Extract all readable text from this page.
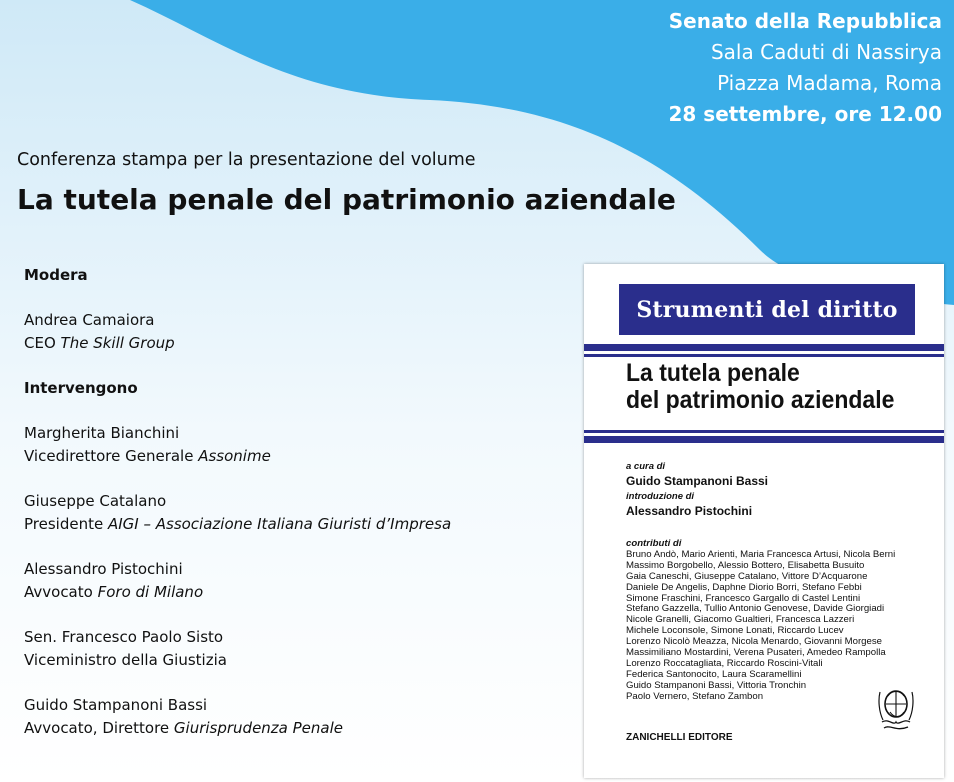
Senato della Repubblica
Sala Caduti di Nassirya
Piazza Madama, Roma
28 settembre, ore 12.00
Conferenza stampa per la presentazione del volume
La tutela penale del patrimonio aziendale
Modera
Andrea Camaiora
CEO The Skill Group
Intervengono
Margherita Bianchini
Vicedirettore Generale Assonime
Giuseppe Catalano
Presidente AIGI – Associazione Italiana Giuristi d’Impresa
Alessandro Pistochini
Avvocato Foro di Milano
Sen. Francesco Paolo Sisto
Viceministro della Giustizia
Guido Stampanoni Bassi
Avvocato, Direttore Giurisprudenza Penale
Strumenti del diritto
La tutela penale
del patrimonio aziendale
a cura di
Guido Stampanoni Bassi
introduzione di
Alessandro Pistochini
contributi di
Bruno Andò, Mario Arienti, Maria Francesca Artusi, Nicola Berni
Massimo Borgobello, Alessio Bottero, Elisabetta Busuito
Gaia Caneschi, Giuseppe Catalano, Vittore D’Acquarone
Daniele De Angelis, Daphne Diorio Borri, Stefano Febbi
Simone Fraschini, Francesco Gargallo di Castel Lentini
Stefano Gazzella, Tullio Antonio Genovese, Davide Giorgiadi
Nicole Granelli, Giacomo Gualtieri, Francesca Lazzeri
Michele Loconsole, Simone Lonati, Riccardo Lucev
Lorenzo Nicolò Meazza, Nicola Menardo, Giovanni Morgese
Massimiliano Mostardini, Verena Pusateri, Amedeo Rampolla
Lorenzo Roccatagliata, Riccardo Roscini-Vitali
Federica Santonocito, Laura Scaramellini
Guido Stampanoni Bassi, Vittoria Tronchin
Paolo Vernero, Stefano Zambon
ZANICHELLI EDITORE
